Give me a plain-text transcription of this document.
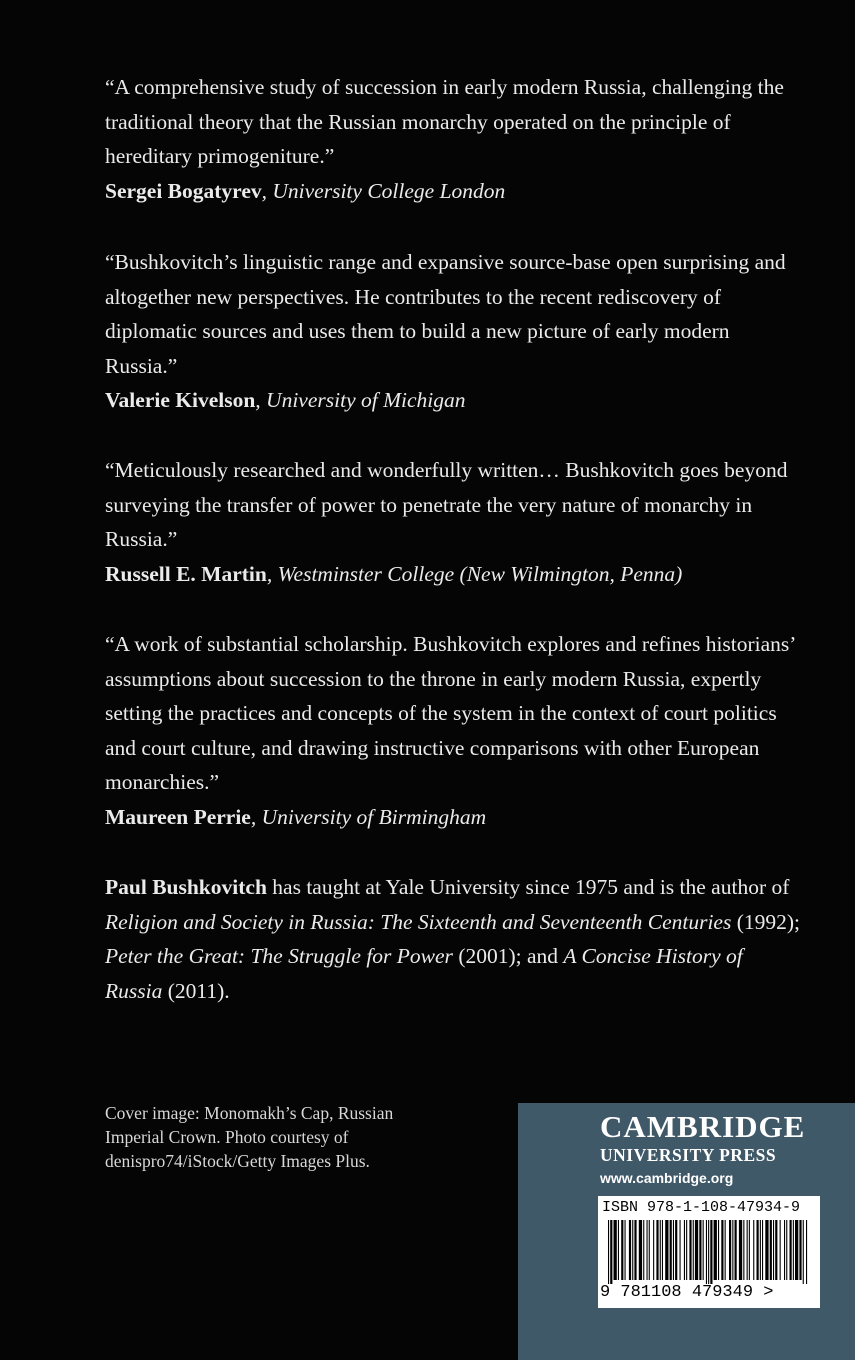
“A comprehensive study of succession in early modern Russia, challenging the traditional theory that the Russian monarchy operated on the principle of hereditary primogeniture.”

Sergei Bogatyrev, University College London

“Bushkovitch’s linguistic range and expansive source-base open surprising and altogether new perspectives. He contributes to the recent rediscovery of diplomatic sources and uses them to build a new picture of early modern Russia.”

Valerie Kivelson, University of Michigan

“Meticulously researched and wonderfully written… Bushkovitch goes beyond surveying the transfer of power to penetrate the very nature of monarchy in Russia.”

Russell E. Martin, Westminster College (New Wilmington, Penna)

“A work of substantial scholarship. Bushkovitch explores and refines historians’ assumptions about succession to the throne in early modern Russia, expertly setting the practices and concepts of the system in the context of court politics and court culture, and drawing instructive comparisons with other European monarchies.”

Maureen Perrie, University of Birmingham

Paul Bushkovitch has taught at Yale University since 1975 and is the author of Religion and Society in Russia: The Sixteenth and Seventeenth Centuries (1992); Peter the Great: The Struggle for Power (2001); and A Concise History of Russia (2011).

Cover image: Monomakh’s Cap, Russian Imperial Crown. Photo courtesy of denispro74/iStock/Getty Images Plus.

CAMBRIDGE
UNIVERSITY PRESS
www.cambridge.org
ISBN 978-1-108-47934-9
9 781108 479349 >
